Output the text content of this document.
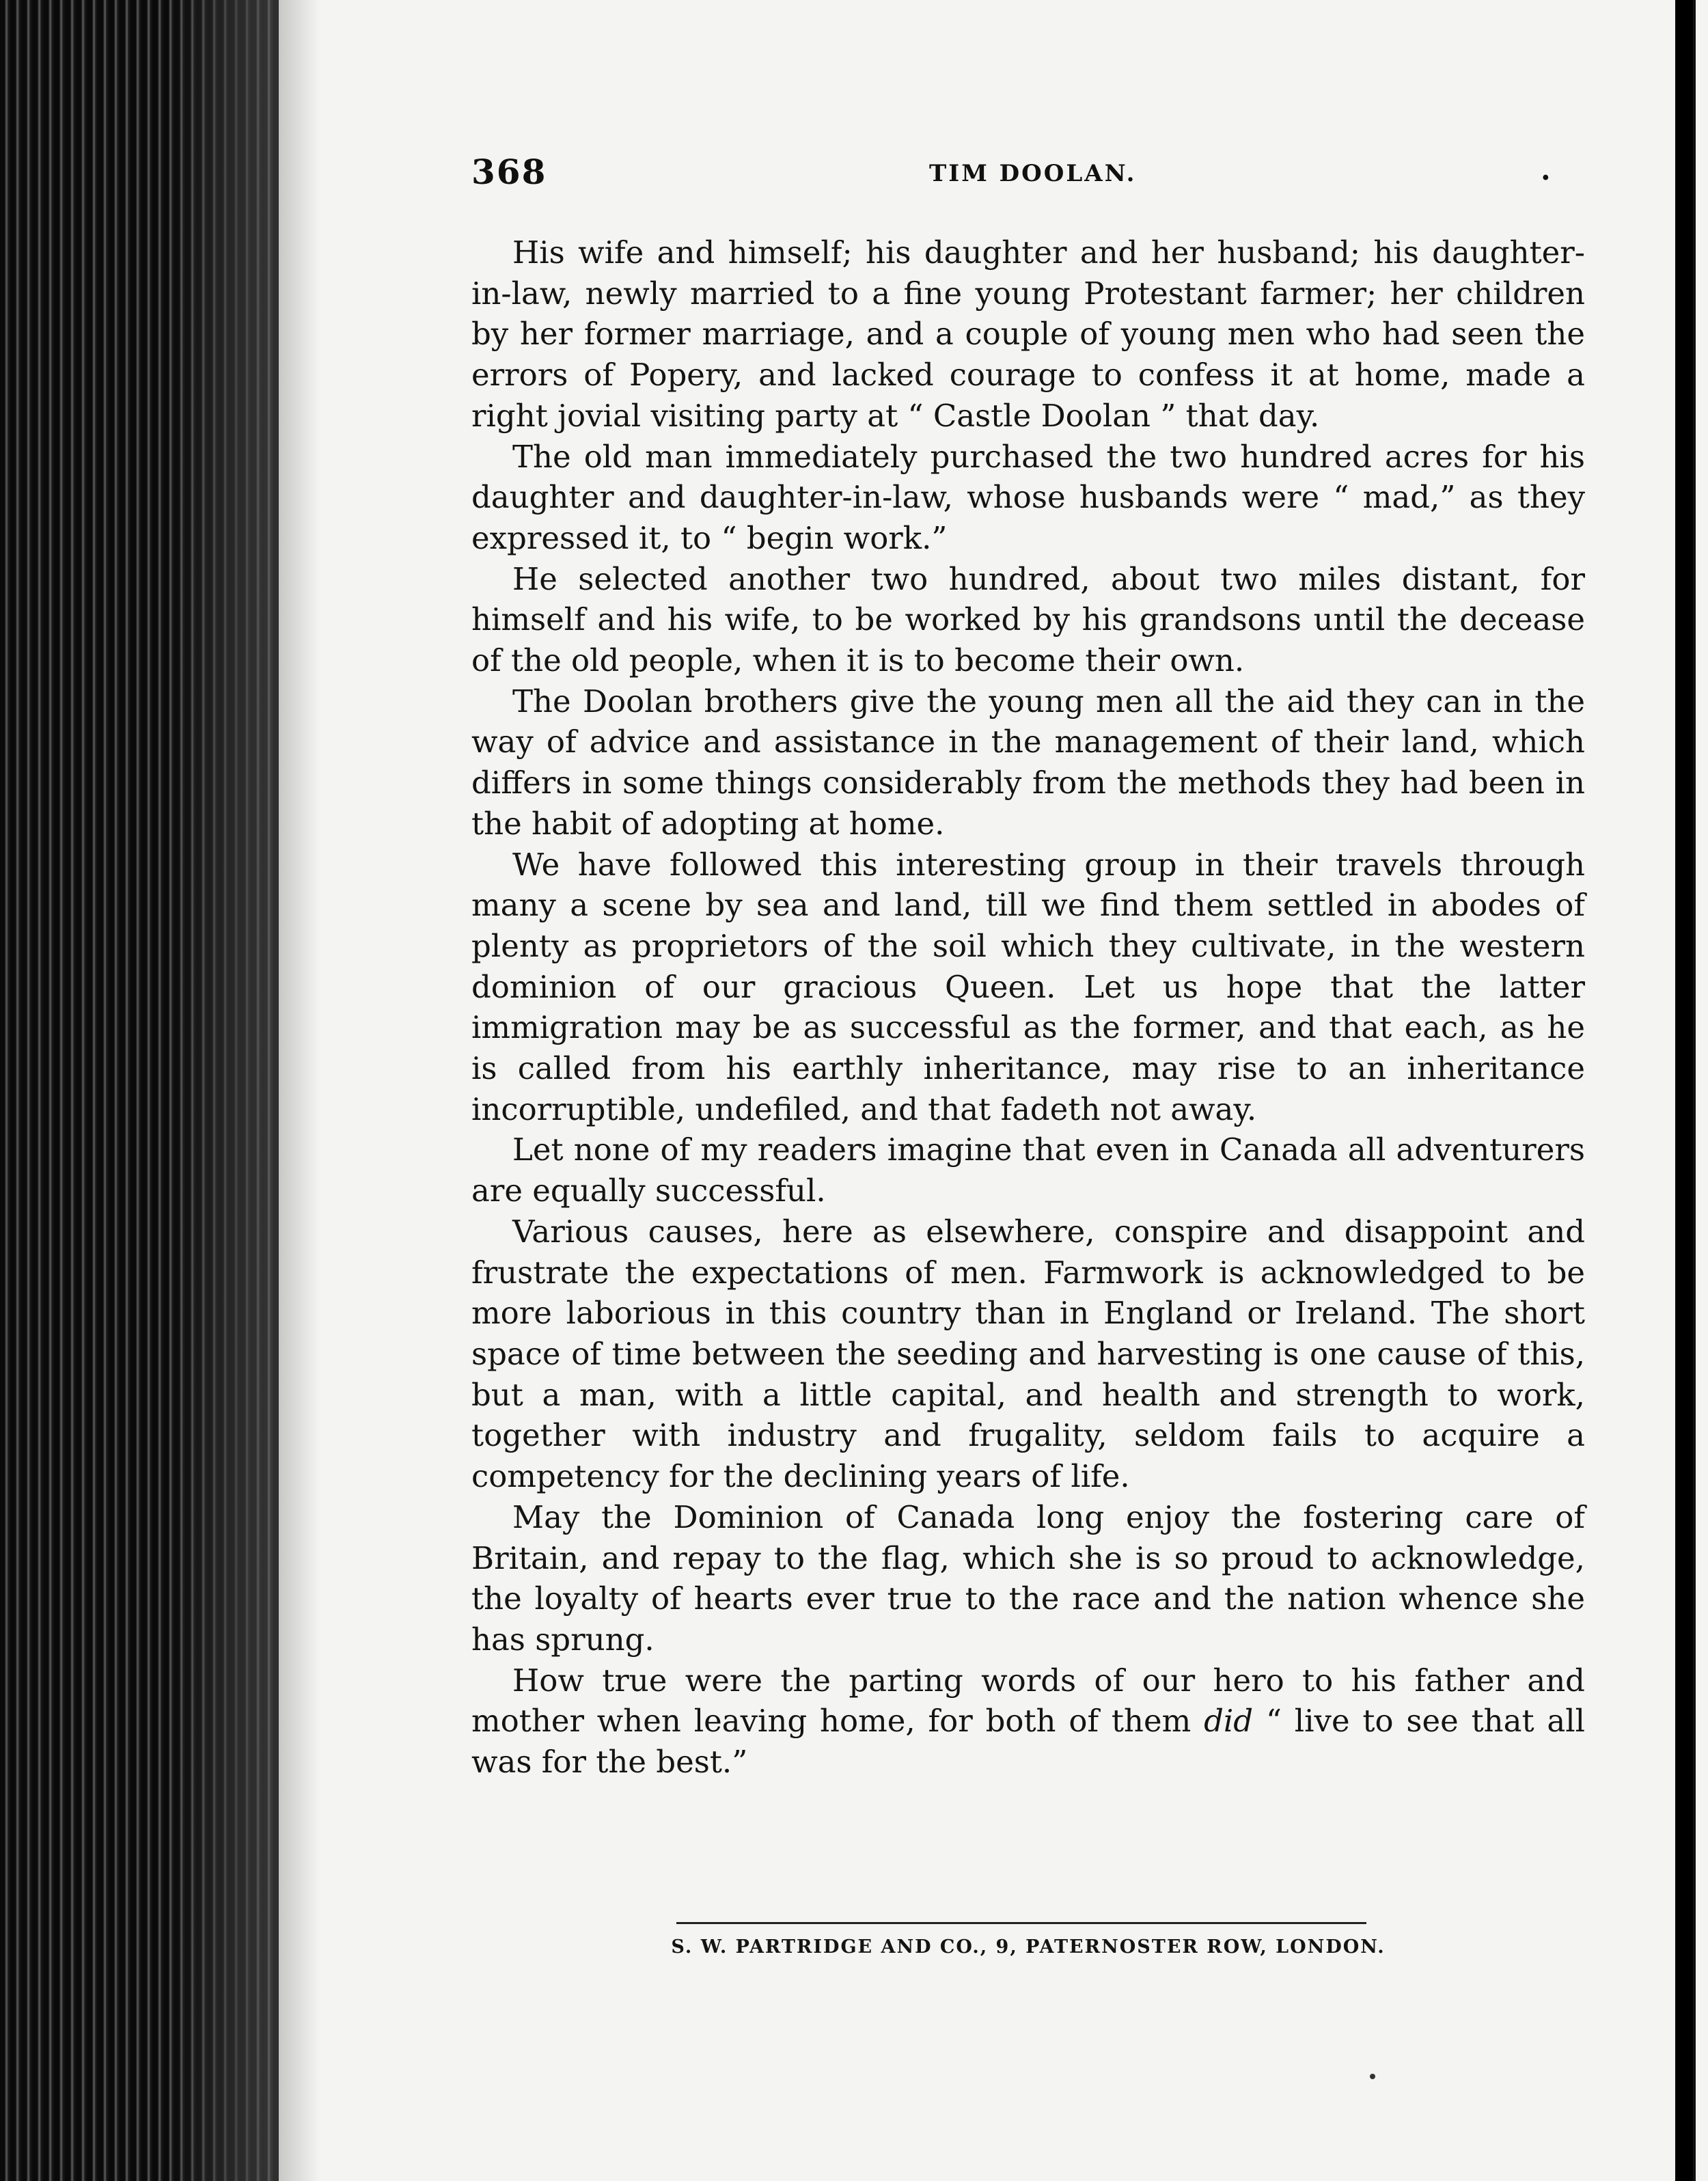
368	TIM DOOLAN.	.

His wife and himself; his daughter and her husband; his daughter-in-law, newly married to a fine young Protestant farmer; her children by her former marriage, and a couple of young men who had seen the errors of Popery, and lacked courage to confess it at home, made a right jovial visiting party at “ Castle Doolan ” that day.

The old man immediately purchased the two hundred acres for his daughter and daughter-in-law, whose husbands were “ mad,” as they expressed it, to “ begin work.”

He selected another two hundred, about two miles distant, for himself and his wife, to be worked by his grandsons until the decease of the old people, when it is to become their own.

The Doolan brothers give the young men all the aid they can in the way of advice and assistance in the management of their land, which differs in some things considerably from the methods they had been in the habit of adopting at home.

We have followed this interesting group in their travels through many a scene by sea and land, till we find them settled in abodes of plenty as proprietors of the soil which they cultivate, in the western dominion of our gracious Queen. Let us hope that the latter immigration may be as successful as the former, and that each, as he is called from his earthly inheritance, may rise to an inheritance incorruptible, undefiled, and that fadeth not away.

Let none of my readers imagine that even in Canada all adventurers are equally successful.

Various causes, here as elsewhere, conspire and disappoint and frustrate the expectations of men. Farmwork is acknowledged to be more laborious in this country than in England or Ireland. The short space of time between the seeding and harvesting is one cause of this, but a man, with a little capital, and health and strength to work, together with industry and frugality, seldom fails to acquire a competency for the declining years of life.

May the Dominion of Canada long enjoy the fostering care of Britain, and repay to the flag, which she is so proud to acknowledge, the loyalty of hearts ever true to the race and the nation whence she has sprung.

How true were the parting words of our hero to his father and mother when leaving home, for both of them did “ live to see that all was for the best.”

S. W. PARTRIDGE AND CO., 9, PATERNOSTER ROW, LONDON.
